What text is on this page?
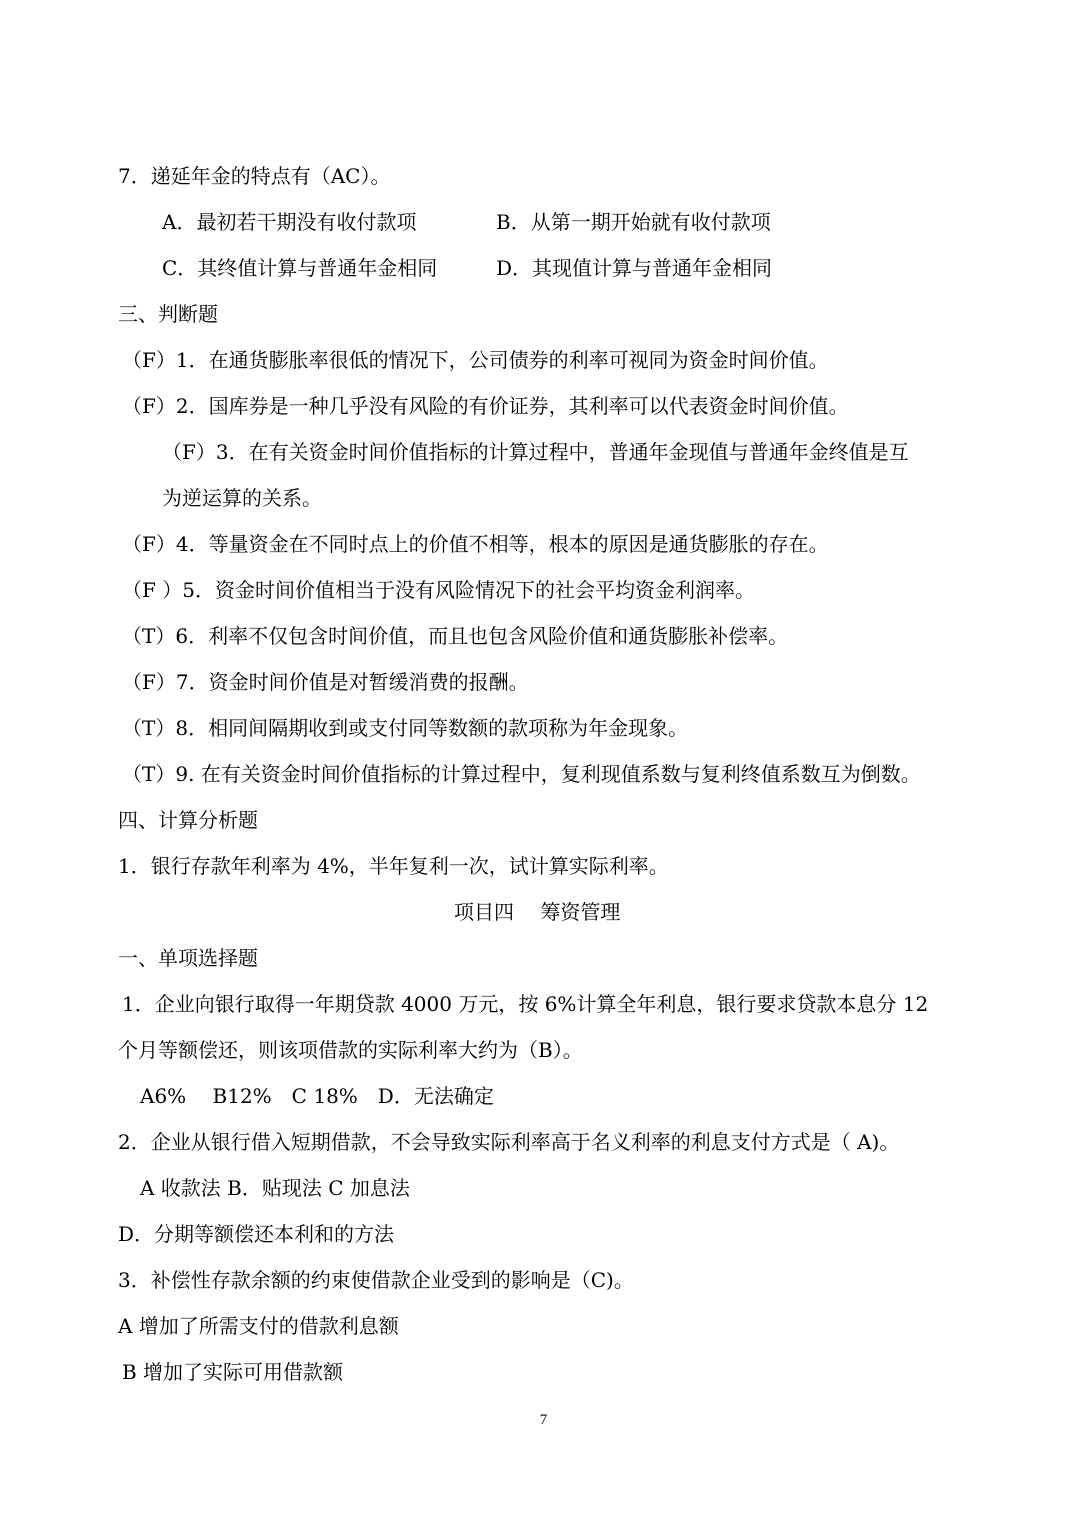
7．递延年金的特点有（AC）。
A．最初若干期没有收付款项	B．从第一期开始就有收付款项
C．其终值计算与普通年金相同	D．其现值计算与普通年金相同
三、判断题
（F）1．在通货膨胀率很低的情况下，公司债券的利率可视同为资金时间价值。
（F）2．国库券是一种几乎没有风险的有价证券，其利率可以代表资金时间价值。
（F）3．在有关资金时间价值指标的计算过程中，普通年金现值与普通年金终值是互
为逆运算的关系。
（F）4．等量资金在不同时点上的价值不相等，根本的原因是通货膨胀的存在。
（F ）5．资金时间价值相当于没有风险情况下的社会平均资金利润率。
（T）6．利率不仅包含时间价值，而且也包含风险价值和通货膨胀补偿率。
（F）7．资金时间价值是对暂缓消费的报酬。
（T）8．相同间隔期收到或支付同等数额的款项称为年金现象。
（T）9. 在有关资金时间价值指标的计算过程中，复利现值系数与复利终值系数互为倒数。
四、计算分析题
1．银行存款年利率为 4%，半年复利一次，试计算实际利率。
项目四　 筹资管理
一、单项选择题
1．企业向银行取得一年期贷款 4000 万元，按 6%计算全年利息，银行要求贷款本息分 12
个月等额偿还，则该项借款的实际利率大约为（B）。
A6%　 B12%　C 18%　D．无法确定
2．企业从银行借入短期借款，不会导致实际利率高于名义利率的利息支付方式是（ A)。
A 收款法 B．贴现法 C 加息法
D．分期等额偿还本利和的方法
3．补偿性存款余额的约束使借款企业受到的影响是（C)。
A 增加了所需支付的借款利息额
B 增加了实际可用借款额
7
